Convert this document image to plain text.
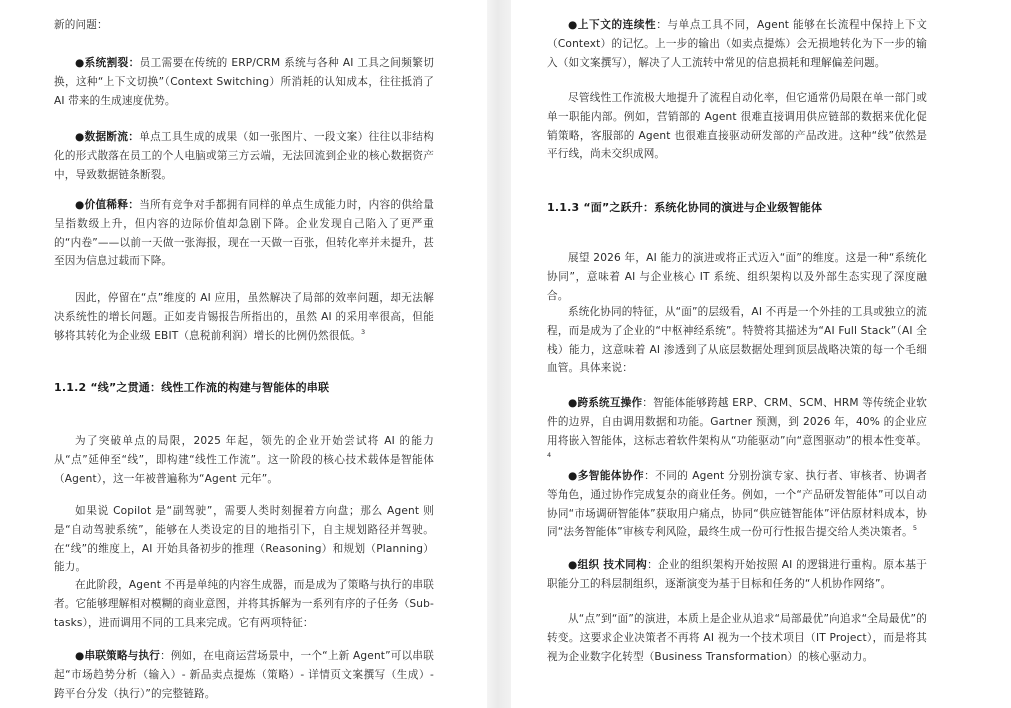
新的问题：
●系统割裂：员工需要在传统的 ERP/CRM 系统与各种 AI 工具之间频繁切换，这种“上下文切换”（Context Switching）所消耗的认知成本，往往抵消了 AI 带来的生成速度优势。
●数据断流：单点工具生成的成果（如一张图片、一段文案）往往以非结构化的形式散落在员工的个人电脑或第三方云端，无法回流到企业的核心数据资产中，导致数据链条断裂。
●价值稀释：当所有竞争对手都拥有同样的单点生成能力时，内容的供给量呈指数级上升，但内容的边际价值却急剧下降。企业发现自己陷入了更严重的“内卷”——以前一天做一张海报，现在一天做一百张，但转化率并未提升，甚至因为信息过载而下降。
因此，停留在“点”维度的 AI 应用，虽然解决了局部的效率问题，却无法解决系统性的增长问题。正如麦肯锡报告所指出的，虽然 AI 的采用率很高，但能够将其转化为企业级 EBIT（息税前利润）增长的比例仍然很低。$^3$
1.1.2 “线”之贯通：线性工作流的构建与智能体的串联
为了突破单点的局限，2025 年起，领先的企业开始尝试将 AI 的能力从“点”延伸至“线”，即构建“线性工作流”。这一阶段的核心技术载体是智能体（Agent），这一年被普遍称为“Agent 元年”。
如果说 Copilot 是“副驾驶”，需要人类时刻握着方向盘；那么 Agent 则是“自动驾驶系统”，能够在人类设定的目的地指引下，自主规划路径并驾驶。在“线”的维度上，AI 开始具备初步的推理（Reasoning）和规划（Planning）能力。
在此阶段，Agent 不再是单纯的内容生成器，而是成为了策略与执行的串联者。它能够理解相对模糊的商业意图，并将其拆解为一系列有序的子任务（Sub-tasks），进而调用不同的工具来完成。它有两项特征：
●串联策略与执行：例如，在电商运营场景中，一个“上新 Agent”可以串联起“市场趋势分析（输入）- 新品卖点提炼（策略）- 详情页文案撰写（生成）- 跨平台分发（执行）”的完整链路。
●上下文的连续性：与单点工具不同，Agent 能够在长流程中保持上下文（Context）的记忆。上一步的输出（如卖点提炼）会无损地转化为下一步的输入（如文案撰写），解决了人工流转中常见的信息损耗和理解偏差问题。
尽管线性工作流极大地提升了流程自动化率，但它通常仍局限在单一部门或单一职能内部。例如，营销部的 Agent 很难直接调用供应链部的数据来优化促销策略，客服部的 Agent 也很难直接驱动研发部的产品改进。这种“线”依然是平行线，尚未交织成网。
1.1.3 “面”之跃升：系统化协同的演进与企业级智能体
展望 2026 年，AI 能力的演进或将正式迈入“面”的维度。这是一种“系统化协同”，意味着 AI 与企业核心 IT 系统、组织架构以及外部生态实现了深度融合。
系统化协同的特征，从“面”的层级看，AI 不再是一个外挂的工具或独立的流程，而是成为了企业的“中枢神经系统”。特赞将其描述为“AI Full Stack”（AI 全栈）能力，这意味着 AI 渗透到了从底层数据处理到顶层战略决策的每一个毛细血管。具体来说：
●跨系统互操作：智能体能够跨越 ERP、CRM、SCM、HRM 等传统企业软件的边界，自由调用数据和功能。Gartner 预测，到 2026 年，40% 的企业应用将嵌入智能体，这标志着软件架构从“功能驱动”向“意图驱动”的根本性变革。$^4$
●多智能体协作：不同的 Agent 分别扮演专家、执行者、审核者、协调者等角色，通过协作完成复杂的商业任务。例如，一个“产品研发智能体”可以自动协同“市场调研智能体”获取用户痛点，协同“供应链智能体”评估原材料成本，协同“法务智能体”审核专利风险，最终生成一份可行性报告提交给人类决策者。$^5$
●组织 技术同构：企业的组织架构开始按照 AI 的逻辑进行重构。原本基于职能分工的科层制组织，逐渐演变为基于目标和任务的“人机协作网络”。
从“点”到“面”的演进，本质上是企业从追求“局部最优”向追求“全局最优”的转变。这要求企业决策者不再将 AI 视为一个技术项目（IT Project），而是将其视为企业数字化转型（Business Transformation）的核心驱动力。
